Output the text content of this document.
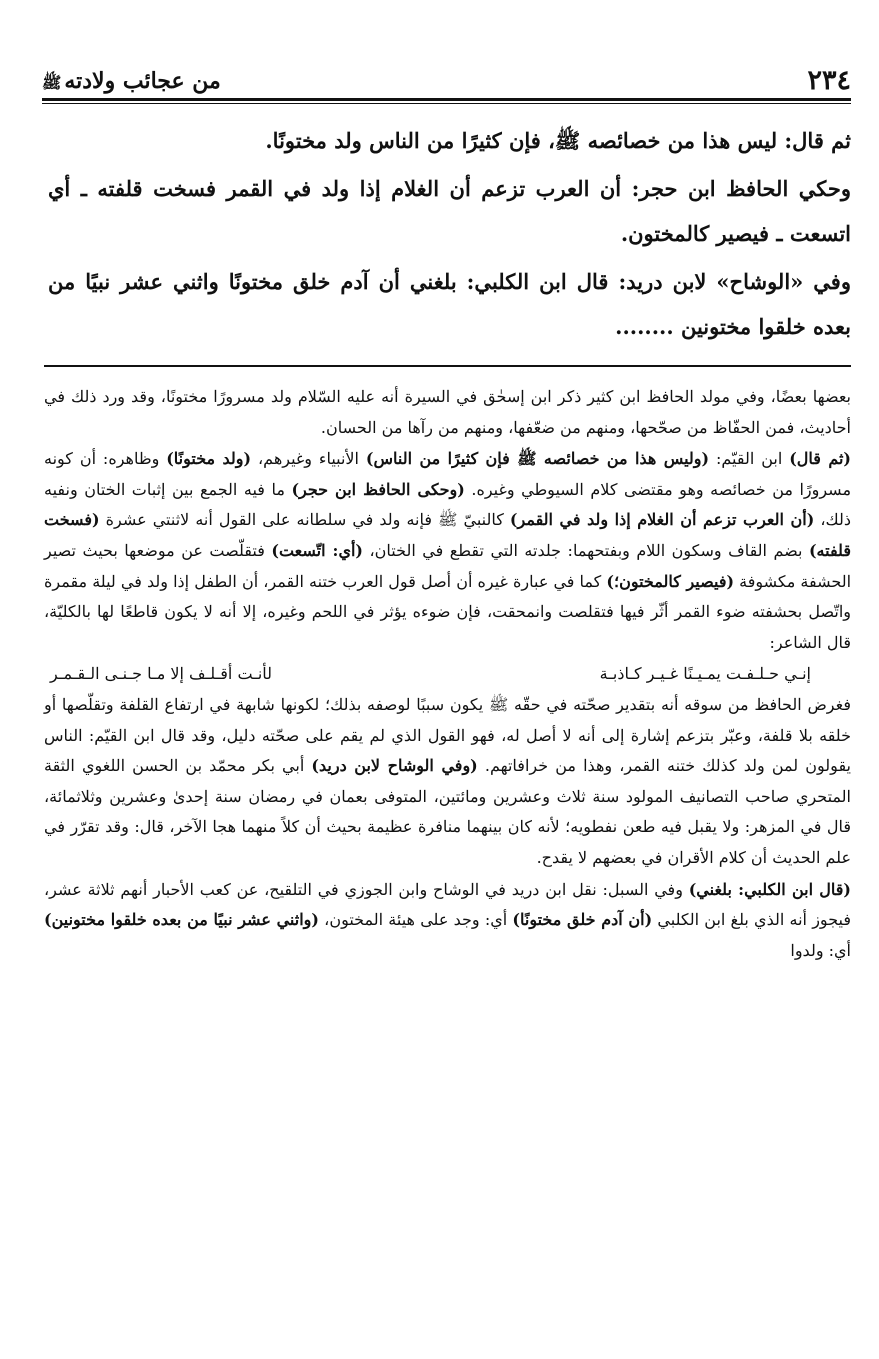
٢٣٤
من عجائب ولادتهﷺ

ثم قال: ليس هذا من خصائصه ﷺ، فإن كثيرًا من الناس ولد مختونًا.

وحكي الحافظ ابن حجر: أن العرب تزعم أن الغلام إذا ولد في القمر فسخت قلفته ـ أي اتسعت ـ فيصير كالمختون.

وفي «الوشاح» لابن دريد: قال ابن الكلبي: بلغني أن آدم خلق مختونًا واثني عشر نبيًا من بعده خلقوا مختونين ........

بعضها بعضًا، وفي مولد الحافظ ابن كثير ذكر ابن إسحٰق في السيرة أنه عليه السّلام ولد مسرورًا مختونًا، وقد ورد ذلك في أحاديث، فمن الحفّاظ من صحّحها، ومنهم من ضعّفها، ومنهم من رآها من الحسان.

(ثم قال) ابن القيّم: (وليس هذا من خصائصه ﷺ فإن كثيرًا من الناس) الأنبياء وغيرهم، (ولد مختونًا) وظاهره: أن كونه مسرورًا من خصائصه وهو مقتضى كلام السيوطي وغيره. (وحكى الحافظ ابن حجر) ما فيه الجمع بين إثبات الختان ونفيه ذلك، (أن العرب تزعم أن الغلام إذا ولد في القمر) كالنبيّ ﷺ فإنه ولد في سلطانه على القول أنه لاثنتي عشرة (فسخت قلفته) بضم القاف وسكون اللام وبفتحهما: جلدته التي تقطع في الختان، (أي: اتّسعت) فتقلّصت عن موضعها بحيث تصير الحشفة مكشوفة (فيصير كالمختون؛) كما في عبارة غيره أن أصل قول العرب ختنه القمر، أن الطفل إذا ولد في ليلة مقمرة واتّصل بحشفته ضوء القمر أثّر فيها فتقلصت وانمحقت، فإن ضوءه يؤثر في اللحم وغيره، إلا أنه لا يكون قاطعًا لها بالكليّة، قال الشاعر:

إنـي حـلـفـت يمـيـنًا غـيـر كـاذبـة
لأنـت أقـلـف إلا مـا جـنـى الـقـمـر

فغرض الحافظ من سوقه أنه بتقدير صحّته في حقّه ﷺ يكون سببًا لوصفه بذلك؛ لكونها شابهة في ارتفاع القلفة وتقلّصها أو خلقه بلا قلفة، وعبّر بتزعم إشارة إلى أنه لا أصل له، فهو القول الذي لم يقم على صحّته دليل، وقد قال ابن القيّم: الناس يقولون لمن ولد كذلك ختنه القمر، وهذا من خرافاتهم. (وفي الوشاح لابن دريد) أبي بكر محمّد بن الحسن اللغوي الثقة المتحري صاحب التصانيف المولود سنة ثلاث وعشرين ومائتين، المتوفى بعمان في رمضان سنة إحدىٰ وعشرين وثلاثمائة، قال في المزهر: ولا يقبل فيه طعن نفطويه؛ لأنه كان بينهما منافرة عظيمة بحيث أن كلاً منهما هجا الآخر، قال: وقد تقرّر في علم الحديث أن كلام الأقران في بعضهم لا يقدح.

(قال ابن الكلبي: بلغني) وفي السبل: نقل ابن دريد في الوشاح وابن الجوزي في التلقيح، عن كعب الأحبار أنهم ثلاثة عشر، فيجوز أنه الذي بلغ ابن الكلبي (أن آدم خلق مختونًا) أي: وجد على هيئة المختون، (واثني عشر نبيًا من بعده خلقوا مختونين) أي: ولدوا
